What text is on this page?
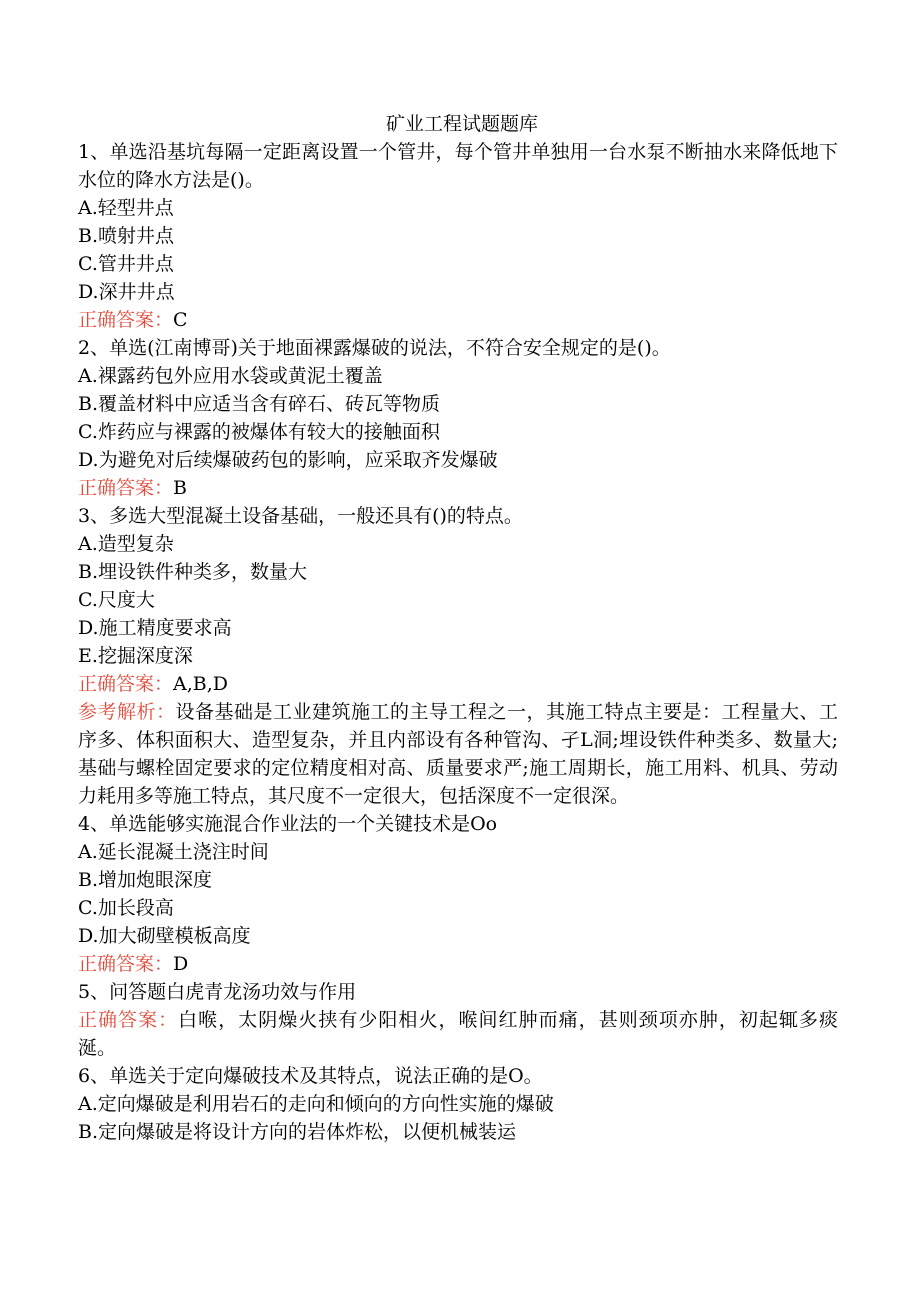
矿业工程试题题库
1、单选沿基坑每隔一定距离设置一个管井，每个管井单独用一台水泵不断抽水来降低地下水位的降水方法是()。
A.轻型井点
B.喷射井点
C.管井井点
D.深井井点
正确答案：C
2、单选(江南博哥)关于地面裸露爆破的说法，不符合安全规定的是()。
A.裸露药包外应用水袋或黄泥土覆盖
B.覆盖材料中应适当含有碎石、砖瓦等物质
C.炸药应与裸露的被爆体有较大的接触面积
D.为避免对后续爆破药包的影响，应采取齐发爆破
正确答案：B
3、多选大型混凝土设备基础，一般还具有()的特点。
A.造型复杂
B.埋设铁件种类多，数量大
C.尺度大
D.施工精度要求高
E.挖掘深度深
正确答案：A,B,D
参考解析：设备基础是工业建筑施工的主导工程之一，其施工特点主要是：工程量大、工序多、体积面积大、造型复杂，并且内部设有各种管沟、孑L洞;埋设铁件种类多、数量大;基础与螺栓固定要求的定位精度相对高、质量要求严;施工周期长，施工用料、机具、劳动力耗用多等施工特点，其尺度不一定很大，包括深度不一定很深。
4、单选能够实施混合作业法的一个关键技术是Oo
A.延长混凝土浇注时间
B.增加炮眼深度
C.加长段高
D.加大砌壁模板高度
正确答案：D
5、问答题白虎青龙汤功效与作用
正确答案：白喉，太阴燥火挟有少阳相火，喉间红肿而痛，甚则颈项亦肿，初起辄多痰涎。
6、单选关于定向爆破技术及其特点，说法正确的是O。
A.定向爆破是利用岩石的走向和倾向的方向性实施的爆破
B.定向爆破是将设计方向的岩体炸松，以便机械装运
